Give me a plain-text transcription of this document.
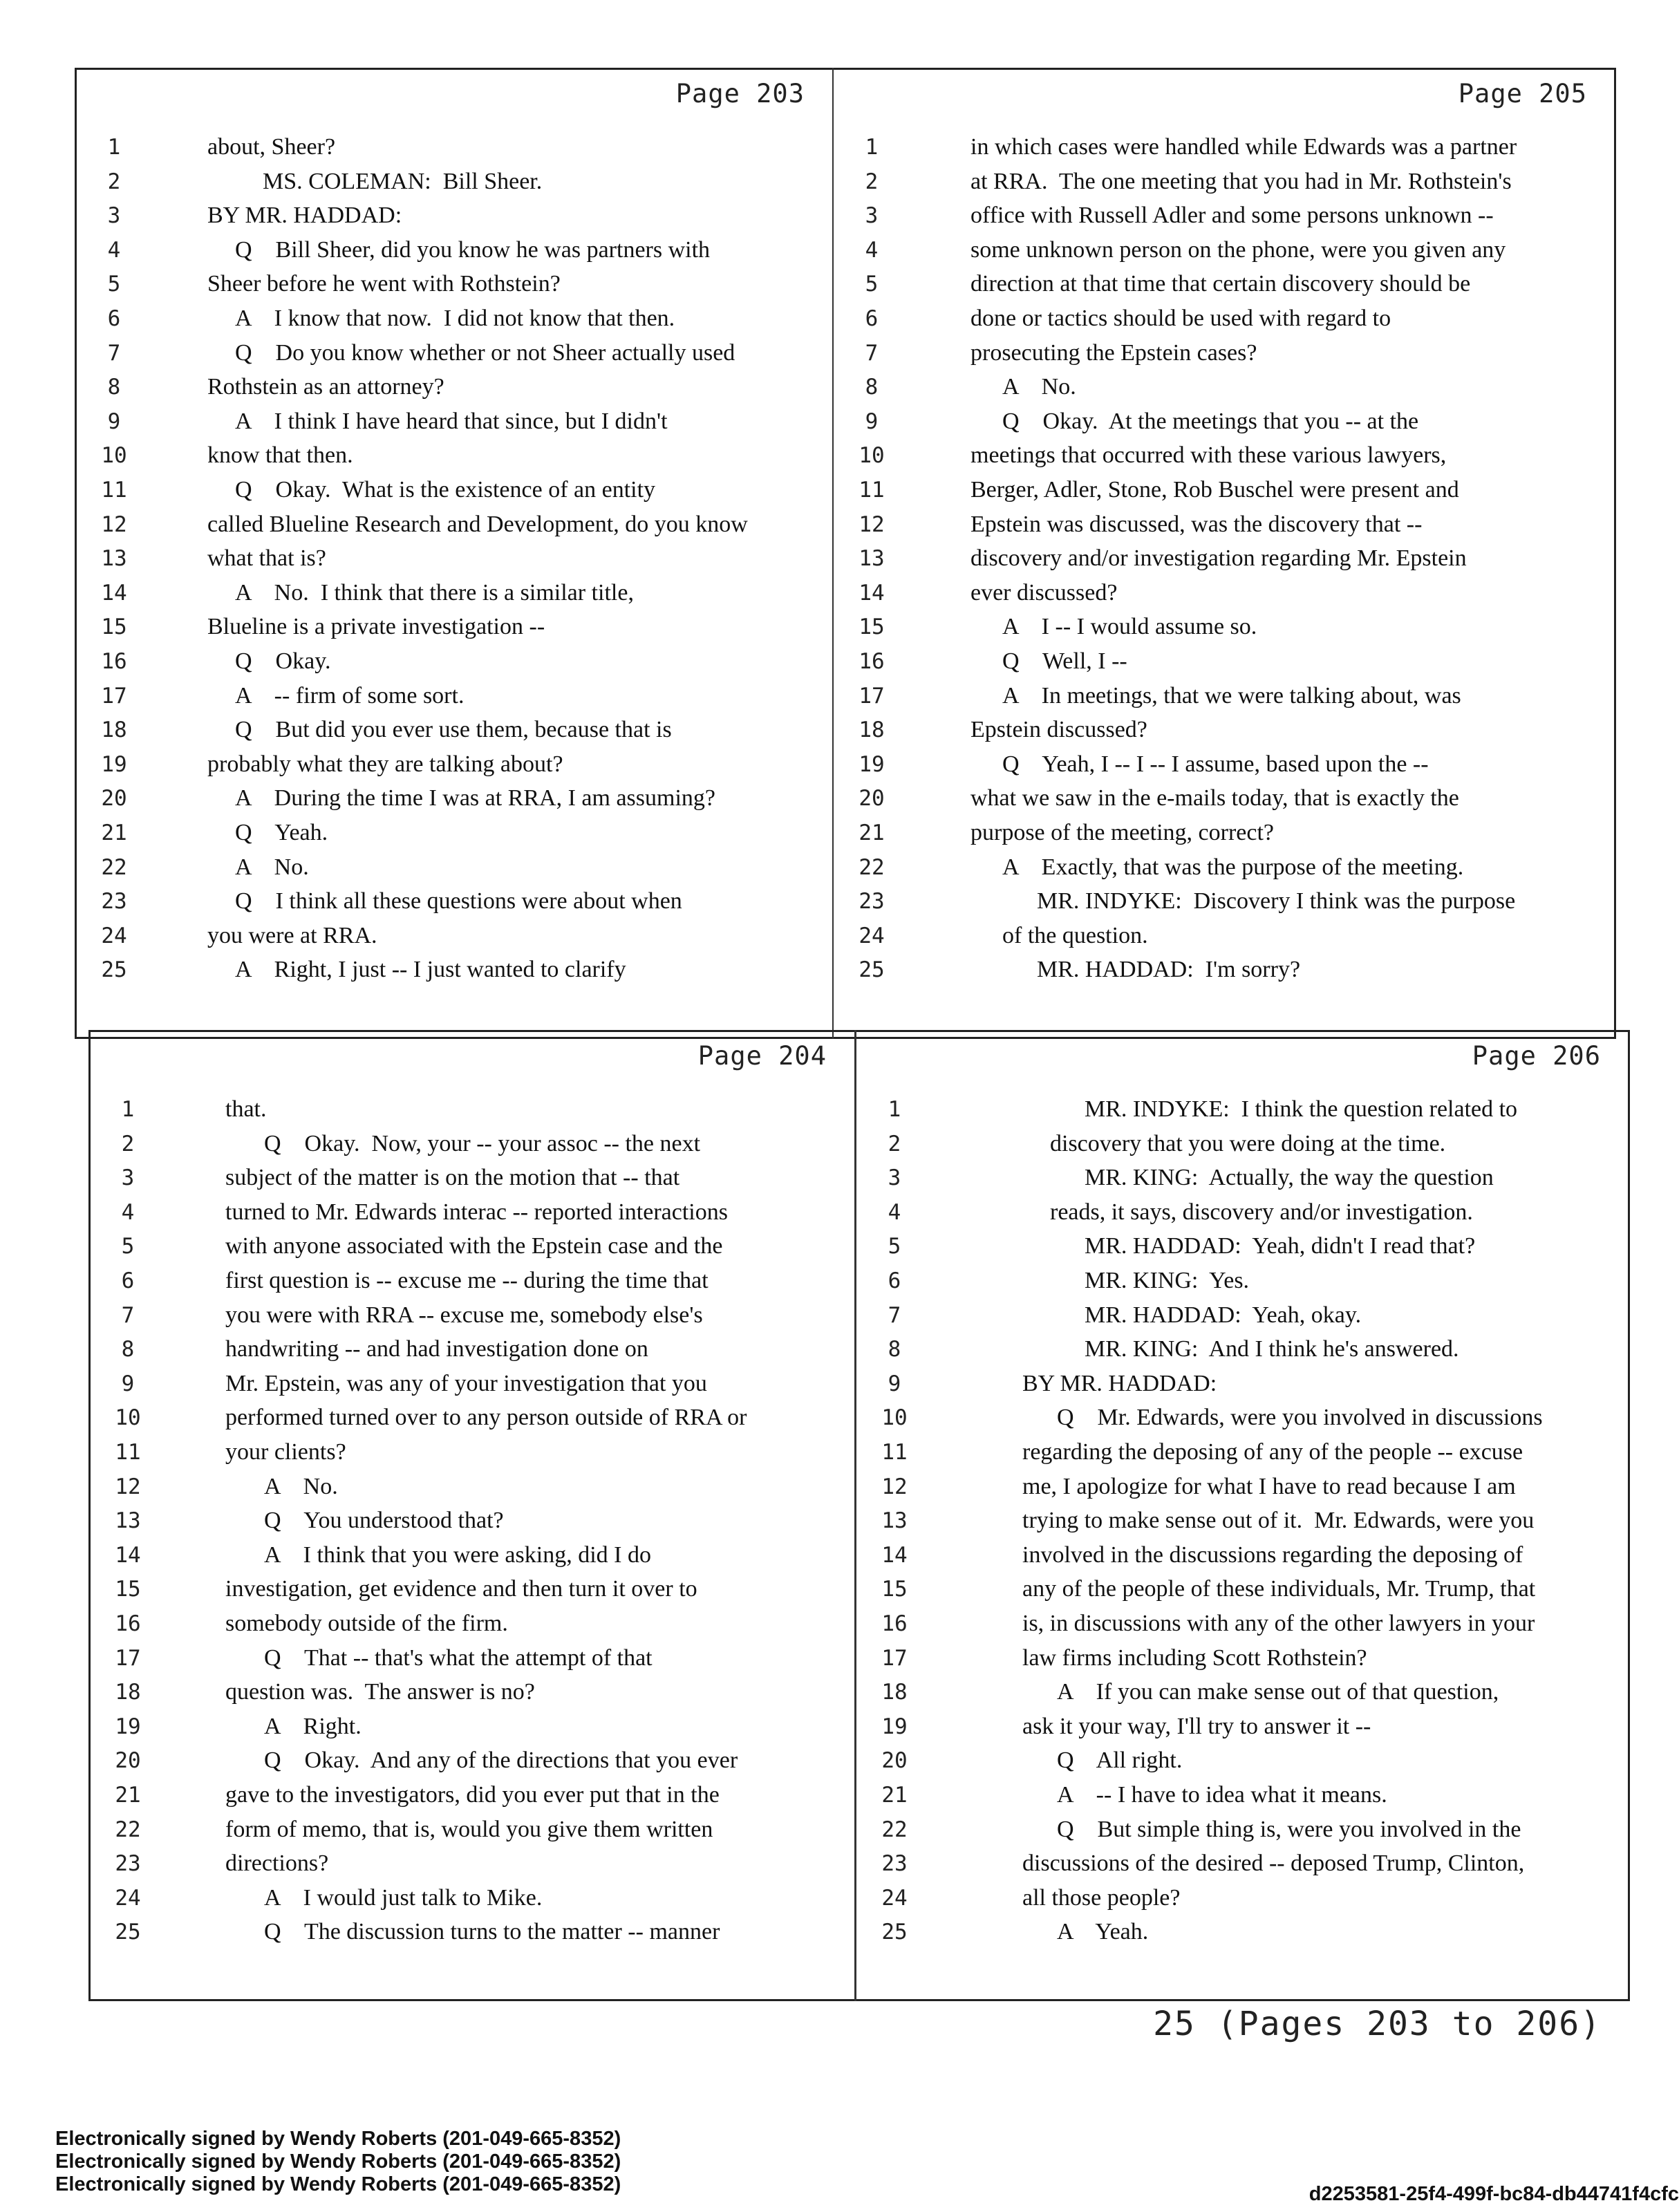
Page 203
1	about, Sheer?
2	MS. COLEMAN:  Bill Sheer.
3	BY MR. HADDAD:
4	Q    Bill Sheer, did you know he was partners with
5	Sheer before he went with Rothstein?
6	A    I know that now.  I did not know that then.
7	Q    Do you know whether or not Sheer actually used
8	Rothstein as an attorney?
9	A    I think I have heard that since, but I didn't
10	know that then.
11	Q    Okay.  What is the existence of an entity
12	called Blueline Research and Development, do you know
13	what that is?
14	A    No.  I think that there is a similar title,
15	Blueline is a private investigation --
16	Q    Okay.
17	A    -- firm of some sort.
18	Q    But did you ever use them, because that is
19	probably what they are talking about?
20	A    During the time I was at RRA, I am assuming?
21	Q    Yeah.
22	A    No.
23	Q    I think all these questions were about when
24	you were at RRA.
25	A    Right, I just -- I just wanted to clarify
Page 205
1	in which cases were handled while Edwards was a partner
2	at RRA.  The one meeting that you had in Mr. Rothstein's
3	office with Russell Adler and some persons unknown --
4	some unknown person on the phone, were you given any
5	direction at that time that certain discovery should be
6	done or tactics should be used with regard to
7	prosecuting the Epstein cases?
8	A    No.
9	Q    Okay.  At the meetings that you -- at the
10	meetings that occurred with these various lawyers,
11	Berger, Adler, Stone, Rob Buschel were present and
12	Epstein was discussed, was the discovery that --
13	discovery and/or investigation regarding Mr. Epstein
14	ever discussed?
15	A    I -- I would assume so.
16	Q    Well, I --
17	A    In meetings, that we were talking about, was
18	Epstein discussed?
19	Q    Yeah, I -- I -- I assume, based upon the --
20	what we saw in the e-mails today, that is exactly the
21	purpose of the meeting, correct?
22	A    Exactly, that was the purpose of the meeting.
23	MR. INDYKE:  Discovery I think was the purpose
24	of the question.
25	MR. HADDAD:  I'm sorry?
Page 204
1	that.
2	Q    Okay.  Now, your -- your assoc -- the next
3	subject of the matter is on the motion that -- that
4	turned to Mr. Edwards interac -- reported interactions
5	with anyone associated with the Epstein case and the
6	first question is -- excuse me -- during the time that
7	you were with RRA -- excuse me, somebody else's
8	handwriting -- and had investigation done on
9	Mr. Epstein, was any of your investigation that you
10	performed turned over to any person outside of RRA or
11	your clients?
12	A    No.
13	Q    You understood that?
14	A    I think that you were asking, did I do
15	investigation, get evidence and then turn it over to
16	somebody outside of the firm.
17	Q    That -- that's what the attempt of that
18	question was.  The answer is no?
19	A    Right.
20	Q    Okay.  And any of the directions that you ever
21	gave to the investigators, did you ever put that in the
22	form of memo, that is, would you give them written
23	directions?
24	A    I would just talk to Mike.
25	Q    The discussion turns to the matter -- manner
Page 206
1	MR. INDYKE:  I think the question related to
2	discovery that you were doing at the time.
3	MR. KING:  Actually, the way the question
4	reads, it says, discovery and/or investigation.
5	MR. HADDAD:  Yeah, didn't I read that?
6	MR. KING:  Yes.
7	MR. HADDAD:  Yeah, okay.
8	MR. KING:  And I think he's answered.
9	BY MR. HADDAD:
10	Q    Mr. Edwards, were you involved in discussions
11	regarding the deposing of any of the people -- excuse
12	me, I apologize for what I have to read because I am
13	trying to make sense out of it.  Mr. Edwards, were you
14	involved in the discussions regarding the deposing of
15	any of the people of these individuals, Mr. Trump, that
16	is, in discussions with any of the other lawyers in your
17	law firms including Scott Rothstein?
18	A    If you can make sense out of that question,
19	ask it your way, I'll try to answer it --
20	Q    All right.
21	A    -- I have to idea what it means.
22	Q    But simple thing is, were you involved in the
23	discussions of the desired -- deposed Trump, Clinton,
24	all those people?
25	A    Yeah.
25 (Pages 203 to 206)
Electronically signed by Wendy Roberts (201-049-665-8352)
Electronically signed by Wendy Roberts (201-049-665-8352)
Electronically signed by Wendy Roberts (201-049-665-8352)	d2253581-25f4-499f-bc84-db44741f4cfc
